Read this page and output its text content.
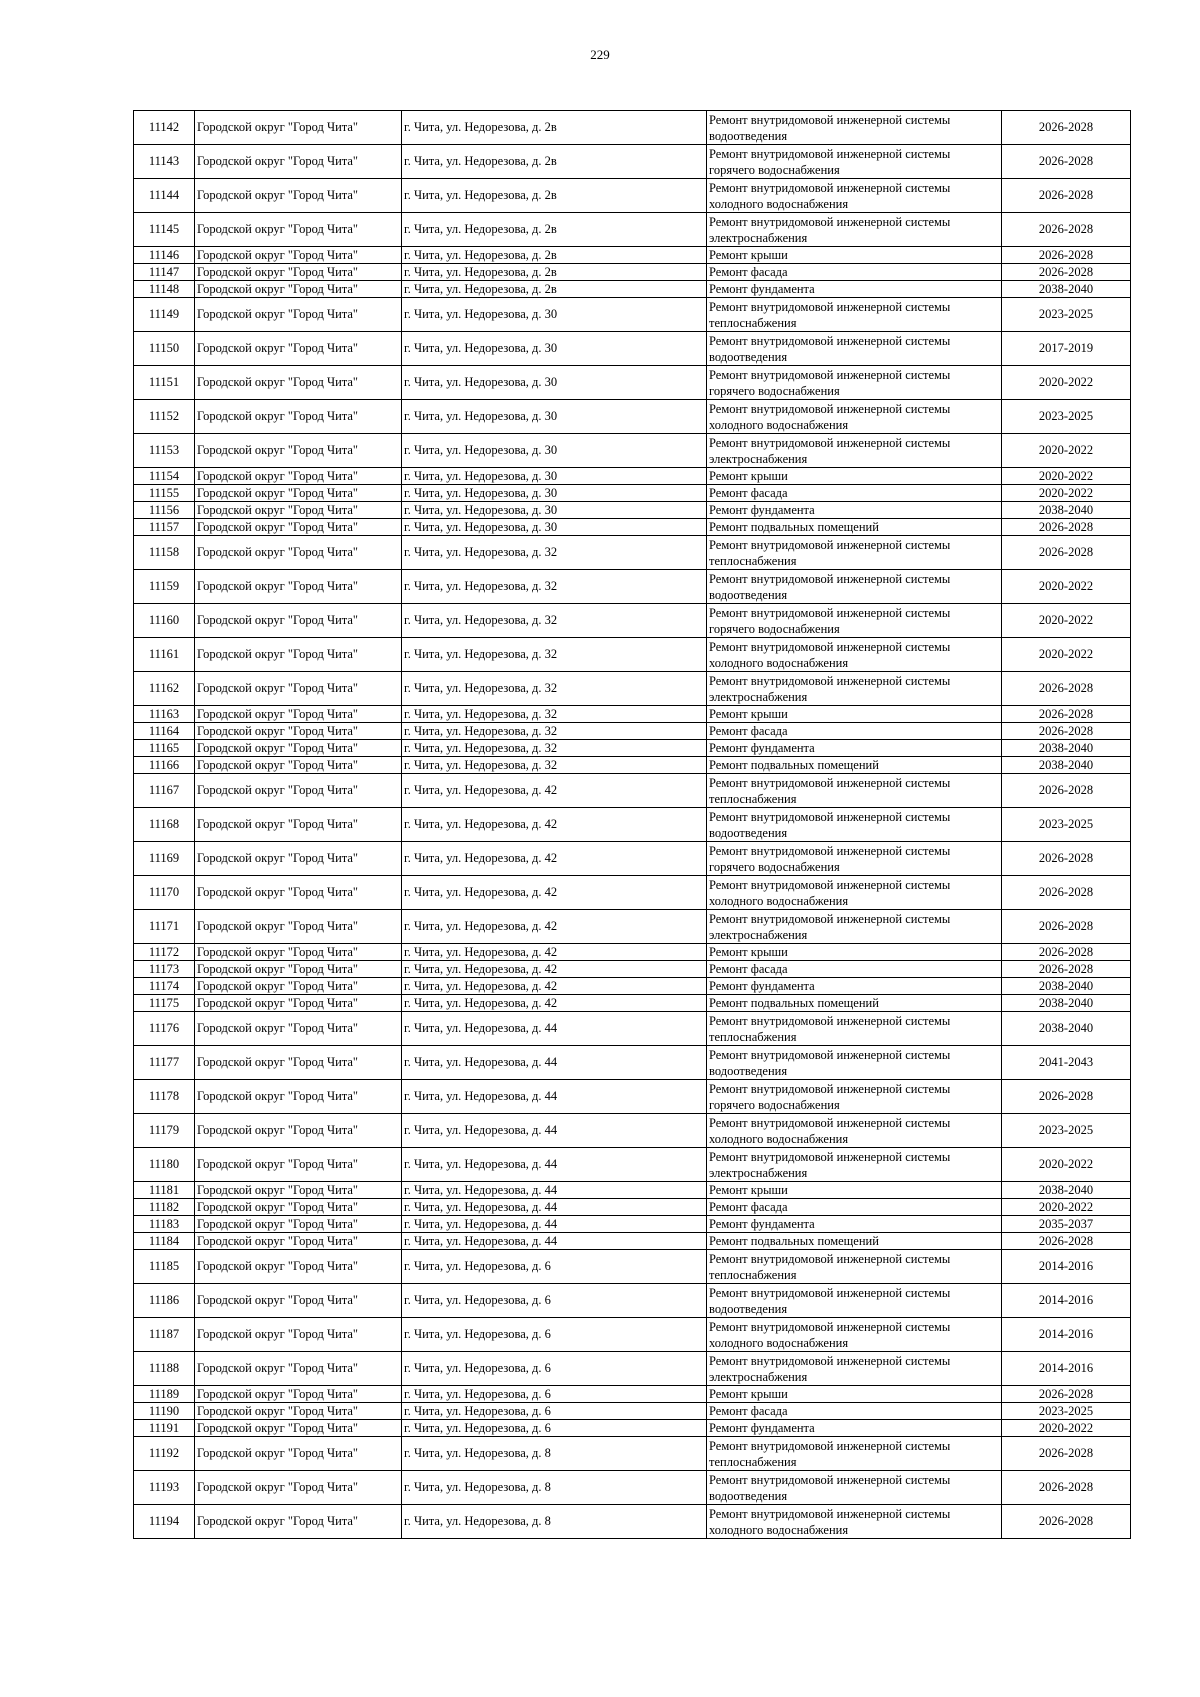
229
11142	Городской округ "Город Чита"	г. Чита, ул. Недорезова, д. 2в	Ремонт внутридомовой инженерной системы
водоотведения	2026-2028
11143	Городской округ "Город Чита"	г. Чита, ул. Недорезова, д. 2в	Ремонт внутридомовой инженерной системы
горячего водоснабжения	2026-2028
11144	Городской округ "Город Чита"	г. Чита, ул. Недорезова, д. 2в	Ремонт внутридомовой инженерной системы
холодного водоснабжения	2026-2028
11145	Городской округ "Город Чита"	г. Чита, ул. Недорезова, д. 2в	Ремонт внутридомовой инженерной системы
электроснабжения	2026-2028
11146	Городской округ "Город Чита"	г. Чита, ул. Недорезова, д. 2в	Ремонт крыши	2026-2028
11147	Городской округ "Город Чита"	г. Чита, ул. Недорезова, д. 2в	Ремонт фасада	2026-2028
11148	Городской округ "Город Чита"	г. Чита, ул. Недорезова, д. 2в	Ремонт фундамента	2038-2040
11149	Городской округ "Город Чита"	г. Чита, ул. Недорезова, д. 30	Ремонт внутридомовой инженерной системы
теплоснабжения	2023-2025
11150	Городской округ "Город Чита"	г. Чита, ул. Недорезова, д. 30	Ремонт внутридомовой инженерной системы
водоотведения	2017-2019
11151	Городской округ "Город Чита"	г. Чита, ул. Недорезова, д. 30	Ремонт внутридомовой инженерной системы
горячего водоснабжения	2020-2022
11152	Городской округ "Город Чита"	г. Чита, ул. Недорезова, д. 30	Ремонт внутридомовой инженерной системы
холодного водоснабжения	2023-2025
11153	Городской округ "Город Чита"	г. Чита, ул. Недорезова, д. 30	Ремонт внутридомовой инженерной системы
электроснабжения	2020-2022
11154	Городской округ "Город Чита"	г. Чита, ул. Недорезова, д. 30	Ремонт крыши	2020-2022
11155	Городской округ "Город Чита"	г. Чита, ул. Недорезова, д. 30	Ремонт фасада	2020-2022
11156	Городской округ "Город Чита"	г. Чита, ул. Недорезова, д. 30	Ремонт фундамента	2038-2040
11157	Городской округ "Город Чита"	г. Чита, ул. Недорезова, д. 30	Ремонт подвальных помещений	2026-2028
11158	Городской округ "Город Чита"	г. Чита, ул. Недорезова, д. 32	Ремонт внутридомовой инженерной системы
теплоснабжения	2026-2028
11159	Городской округ "Город Чита"	г. Чита, ул. Недорезова, д. 32	Ремонт внутридомовой инженерной системы
водоотведения	2020-2022
11160	Городской округ "Город Чита"	г. Чита, ул. Недорезова, д. 32	Ремонт внутридомовой инженерной системы
горячего водоснабжения	2020-2022
11161	Городской округ "Город Чита"	г. Чита, ул. Недорезова, д. 32	Ремонт внутридомовой инженерной системы
холодного водоснабжения	2020-2022
11162	Городской округ "Город Чита"	г. Чита, ул. Недорезова, д. 32	Ремонт внутридомовой инженерной системы
электроснабжения	2026-2028
11163	Городской округ "Город Чита"	г. Чита, ул. Недорезова, д. 32	Ремонт крыши	2026-2028
11164	Городской округ "Город Чита"	г. Чита, ул. Недорезова, д. 32	Ремонт фасада	2026-2028
11165	Городской округ "Город Чита"	г. Чита, ул. Недорезова, д. 32	Ремонт фундамента	2038-2040
11166	Городской округ "Город Чита"	г. Чита, ул. Недорезова, д. 32	Ремонт подвальных помещений	2038-2040
11167	Городской округ "Город Чита"	г. Чита, ул. Недорезова, д. 42	Ремонт внутридомовой инженерной системы
теплоснабжения	2026-2028
11168	Городской округ "Город Чита"	г. Чита, ул. Недорезова, д. 42	Ремонт внутридомовой инженерной системы
водоотведения	2023-2025
11169	Городской округ "Город Чита"	г. Чита, ул. Недорезова, д. 42	Ремонт внутридомовой инженерной системы
горячего водоснабжения	2026-2028
11170	Городской округ "Город Чита"	г. Чита, ул. Недорезова, д. 42	Ремонт внутридомовой инженерной системы
холодного водоснабжения	2026-2028
11171	Городской округ "Город Чита"	г. Чита, ул. Недорезова, д. 42	Ремонт внутридомовой инженерной системы
электроснабжения	2026-2028
11172	Городской округ "Город Чита"	г. Чита, ул. Недорезова, д. 42	Ремонт крыши	2026-2028
11173	Городской округ "Город Чита"	г. Чита, ул. Недорезова, д. 42	Ремонт фасада	2026-2028
11174	Городской округ "Город Чита"	г. Чита, ул. Недорезова, д. 42	Ремонт фундамента	2038-2040
11175	Городской округ "Город Чита"	г. Чита, ул. Недорезова, д. 42	Ремонт подвальных помещений	2038-2040
11176	Городской округ "Город Чита"	г. Чита, ул. Недорезова, д. 44	Ремонт внутридомовой инженерной системы
теплоснабжения	2038-2040
11177	Городской округ "Город Чита"	г. Чита, ул. Недорезова, д. 44	Ремонт внутридомовой инженерной системы
водоотведения	2041-2043
11178	Городской округ "Город Чита"	г. Чита, ул. Недорезова, д. 44	Ремонт внутридомовой инженерной системы
горячего водоснабжения	2026-2028
11179	Городской округ "Город Чита"	г. Чита, ул. Недорезова, д. 44	Ремонт внутридомовой инженерной системы
холодного водоснабжения	2023-2025
11180	Городской округ "Город Чита"	г. Чита, ул. Недорезова, д. 44	Ремонт внутридомовой инженерной системы
электроснабжения	2020-2022
11181	Городской округ "Город Чита"	г. Чита, ул. Недорезова, д. 44	Ремонт крыши	2038-2040
11182	Городской округ "Город Чита"	г. Чита, ул. Недорезова, д. 44	Ремонт фасада	2020-2022
11183	Городской округ "Город Чита"	г. Чита, ул. Недорезова, д. 44	Ремонт фундамента	2035-2037
11184	Городской округ "Город Чита"	г. Чита, ул. Недорезова, д. 44	Ремонт подвальных помещений	2026-2028
11185	Городской округ "Город Чита"	г. Чита, ул. Недорезова, д. 6	Ремонт внутридомовой инженерной системы
теплоснабжения	2014-2016
11186	Городской округ "Город Чита"	г. Чита, ул. Недорезова, д. 6	Ремонт внутридомовой инженерной системы
водоотведения	2014-2016
11187	Городской округ "Город Чита"	г. Чита, ул. Недорезова, д. 6	Ремонт внутридомовой инженерной системы
холодного водоснабжения	2014-2016
11188	Городской округ "Город Чита"	г. Чита, ул. Недорезова, д. 6	Ремонт внутридомовой инженерной системы
электроснабжения	2014-2016
11189	Городской округ "Город Чита"	г. Чита, ул. Недорезова, д. 6	Ремонт крыши	2026-2028
11190	Городской округ "Город Чита"	г. Чита, ул. Недорезова, д. 6	Ремонт фасада	2023-2025
11191	Городской округ "Город Чита"	г. Чита, ул. Недорезова, д. 6	Ремонт фундамента	2020-2022
11192	Городской округ "Город Чита"	г. Чита, ул. Недорезова, д. 8	Ремонт внутридомовой инженерной системы
теплоснабжения	2026-2028
11193	Городской округ "Город Чита"	г. Чита, ул. Недорезова, д. 8	Ремонт внутридомовой инженерной системы
водоотведения	2026-2028
11194	Городской округ "Город Чита"	г. Чита, ул. Недорезова, д. 8	Ремонт внутридомовой инженерной системы
холодного водоснабжения	2026-2028
